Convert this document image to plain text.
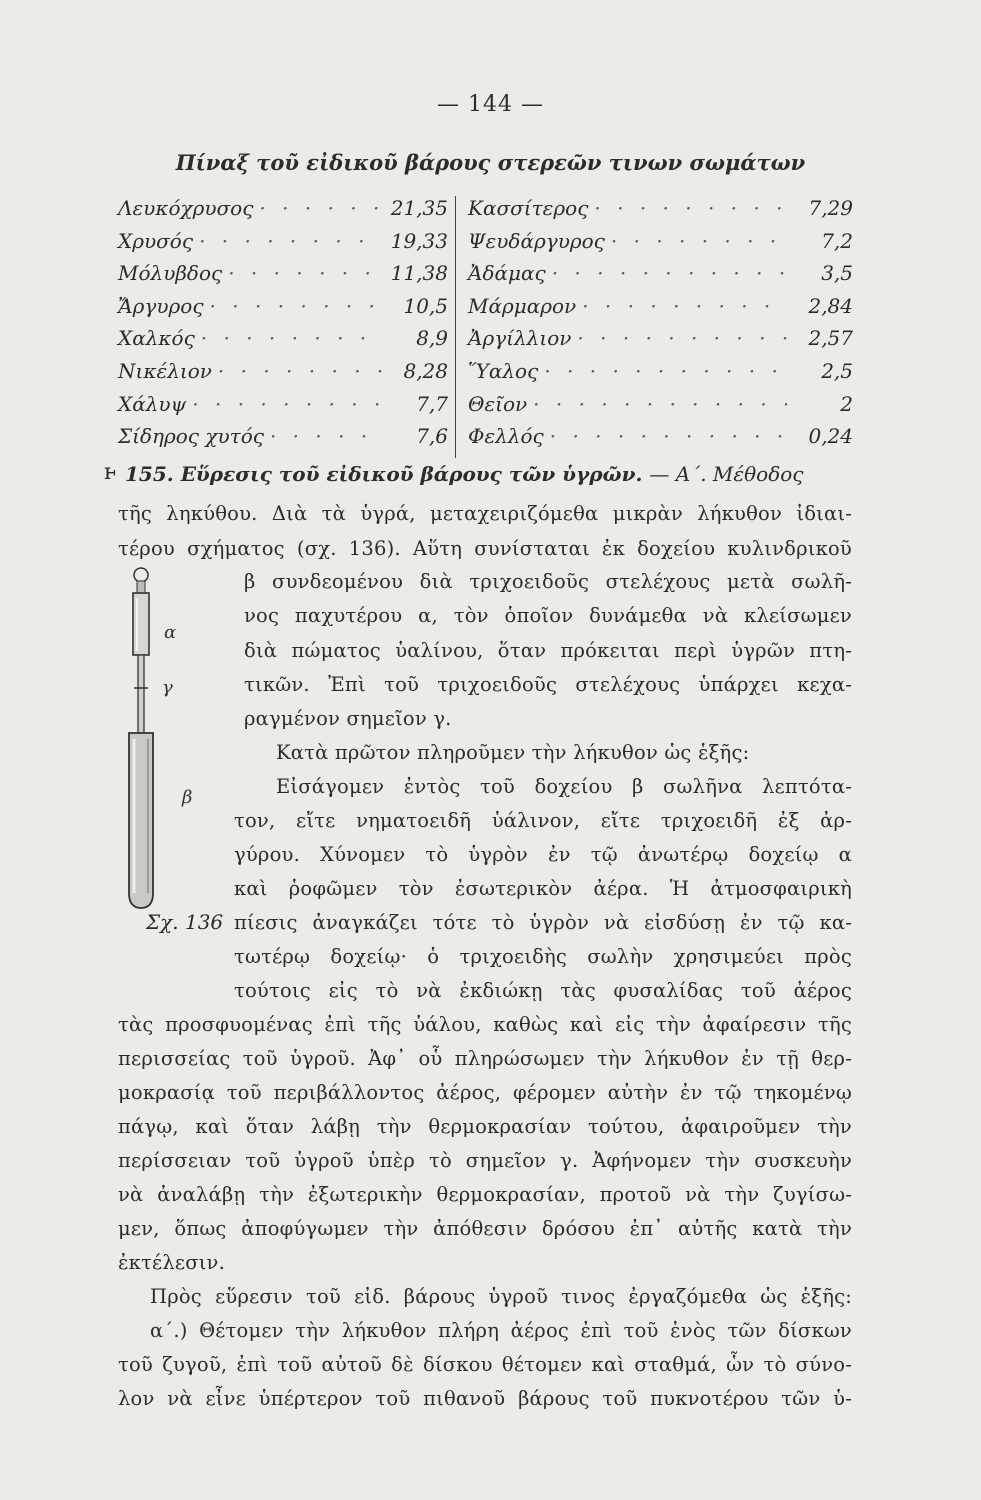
— 144 —
Πίναξ τοῦ εἰδικοῦ βάρους στερεῶν τινων σωμάτων
Λευκόχρυσος · · ·	21,35
Χρυσός · · ·	19,33
Μόλυβδος · · ·	11,38
Ἄργυρος · · ·	10,5
Χαλκός · · ·	8,9
Νικέλιον · · ·	8,28
Χάλυψ · · ·	7,7
Σίδηρος χυτός · · ·	7,6
Κασσίτερος · · ·	7,29
Ψευδάργυρος · · ·	7,2
Ἀδάμας · · ·	3,5
Μάρμαρον · · ·	2,84
Ἀργίλλιον · · ·	2,57
Ὕαλος · · ·	2,5
Θεῖον · · ·	2
Φελλός · · ·	0,24
ⱶ 155. Εὕρεσις τοῦ εἰδικοῦ βάρους τῶν ὑγρῶν. — Α΄. Μέθοδος
α
γ
β
Σχ. 136
τῆς ληκύθου. Διὰ τὰ ὑγρά, μεταχειριζόμεθα μικρὰν λήκυθον ἰδιαι-
τέρου σχήματος (σχ. 136). Αὕτη συνίσταται ἐκ δοχείου κυλινδρικοῦ
β συνδεομένου διὰ τριχοειδοῦς στελέχους μετὰ σωλῆ-
νος παχυτέρου α, τὸν ὁποῖον δυνάμεθα νὰ κλείσωμεν
διὰ πώματος ὑαλίνου, ὅταν πρόκειται περὶ ὑγρῶν πτη-
τικῶν. Ἐπὶ τοῦ τριχοειδοῦς στελέχους ὑπάρχει κεχα-
ραγμένον σημεῖον γ.
Κατὰ πρῶτον πληροῦμεν τὴν λήκυθον ὡς ἑξῆς:
Εἰσάγομεν ἐντὸς τοῦ δοχείου β σωλῆνα λεπτότα-
τον, εἴτε νηματοειδῆ ὑάλινον, εἴτε τριχοειδῆ ἐξ ἀρ-
γύρου. Χύνομεν τὸ ὑγρὸν ἐν τῷ ἀνωτέρῳ δοχείῳ α
καὶ ῥοφῶμεν τὸν ἐσωτερικὸν ἀέρα. Ἡ ἀτμοσφαιρικὴ
πίεσις ἀναγκάζει τότε τὸ ὑγρὸν νὰ εἰσδύσῃ ἐν τῷ κα-
τωτέρῳ δοχείῳ· ὁ τριχοειδὴς σωλὴν χρησιμεύει πρὸς
τούτοις εἰς τὸ νὰ ἐκδιώκῃ τὰς φυσαλίδας τοῦ ἀέρος
τὰς προσφυομένας ἐπὶ τῆς ὑάλου, καθὼς καὶ εἰς τὴν ἀφαίρεσιν τῆς
περισσείας τοῦ ὑγροῦ. Ἀφ᾽ οὗ πληρώσωμεν τὴν λήκυθον ἐν τῇ θερ-
μοκρασίᾳ τοῦ περιβάλλοντος ἀέρος, φέρομεν αὐτὴν ἐν τῷ τηκομένῳ
πάγῳ, καὶ ὅταν λάβῃ τὴν θερμοκρασίαν τούτου, ἀφαιροῦμεν τὴν
περίσσειαν τοῦ ὑγροῦ ὑπὲρ τὸ σημεῖον γ. Ἀφήνομεν τὴν συσκευὴν
νὰ ἀναλάβῃ τὴν ἐξωτερικὴν θερμοκρασίαν, προτοῦ νὰ τὴν ζυγίσω-
μεν, ὅπως ἀποφύγωμεν τὴν ἀπόθεσιν δρόσου ἐπ᾽ αὐτῆς κατὰ τὴν
ἐκτέλεσιν.
Πρὸς εὕρεσιν τοῦ εἰδ. βάρους ὑγροῦ τινος ἐργαζόμεθα ὡς ἑξῆς:
α΄.) Θέτομεν τὴν λήκυθον πλήρη ἀέρος ἐπὶ τοῦ ἑνὸς τῶν δίσκων
τοῦ ζυγοῦ, ἐπὶ τοῦ αὐτοῦ δὲ δίσκου θέτομεν καὶ σταθμά, ὧν τὸ σύνο-
λον νὰ εἶνε ὑπέρτερον τοῦ πιθανοῦ βάρους τοῦ πυκνοτέρου τῶν ὑ-
